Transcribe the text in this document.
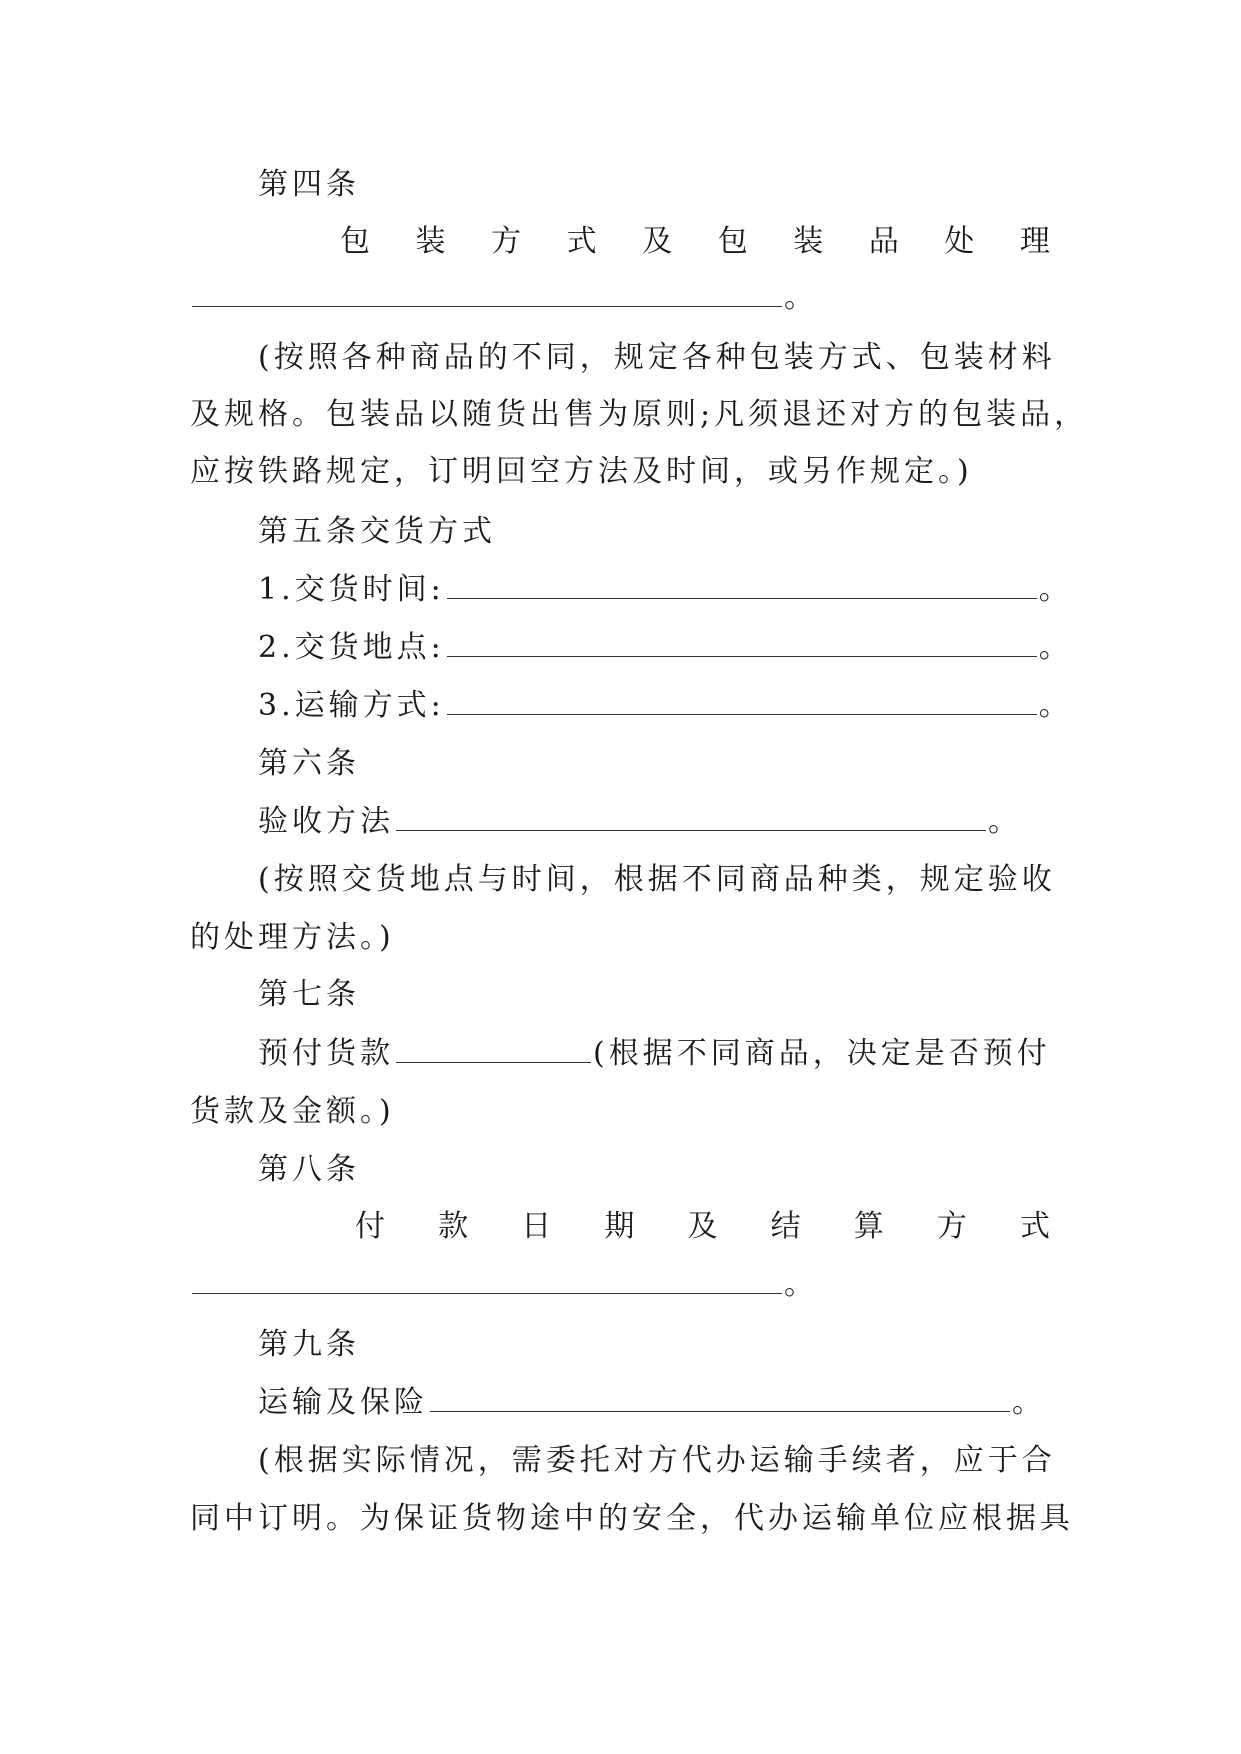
第四条
包 装 方 式 及 包 装 品 处 理
。
(按照各种商品的不同，规定各种包装方式、包装材料
及规格。包装品以随货出售为原则;凡须退还对方的包装品，
应按铁路规定，订明回空方法及时间，或另作规定。)
第五条交货方式
1.交货时间:	。
2.交货地点:	。
3.运输方式:	。
第六条
验收方法	。
(按照交货地点与时间，根据不同商品种类，规定验收
的处理方法。)
第七条
预付货款	(根据不同商品，决定是否预付
货款及金额。)
第八条
付 款 日 期 及 结 算 方 式
。
第九条
运输及保险	。
(根据实际情况，需委托对方代办运输手续者，应于合
同中订明。为保证货物途中的安全，代办运输单位应根据具
